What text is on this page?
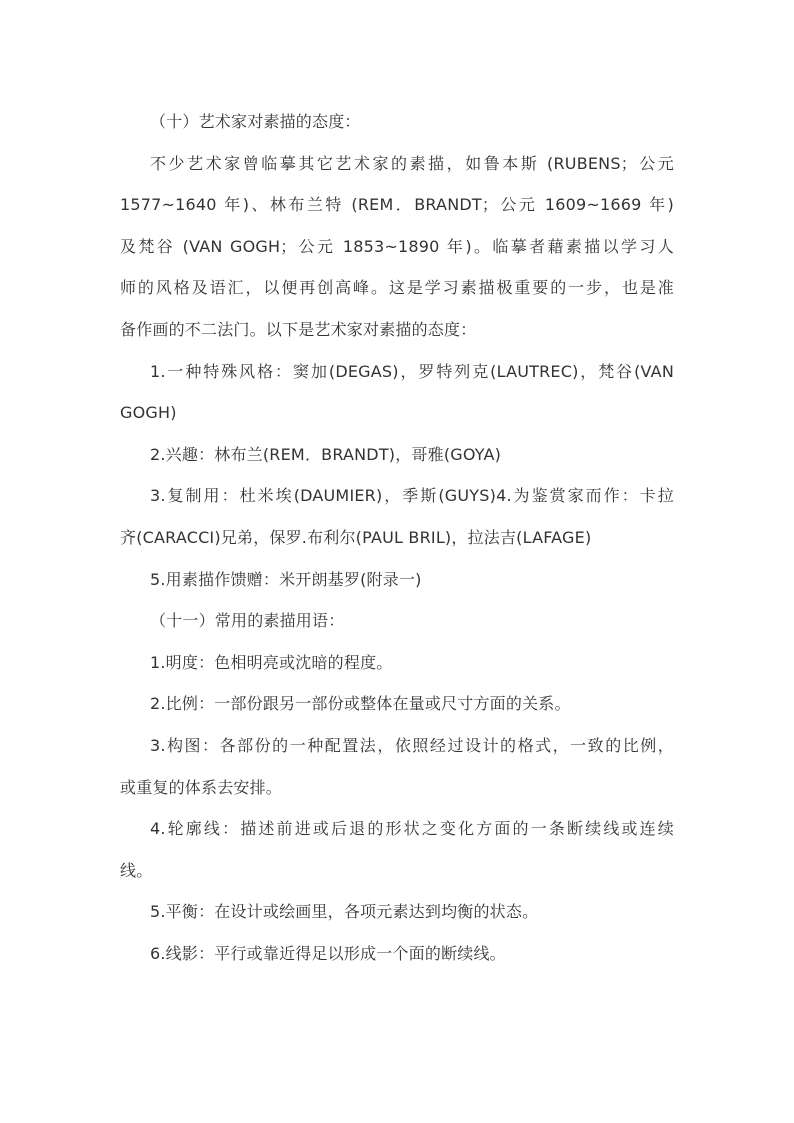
（十）艺术家对素描的态度：
不少艺术家曾临摹其它艺术家的素描，如鲁本斯 (RUBENS；公元
1577~1640 年)、林布兰特 (REM．BRANDT；公元 1609~1669 年)
及梵谷 (VAN GOGH；公元 1853~1890 年)。临摹者藉素描以学习人
师的风格及语汇，以便再创高峰。这是学习素描极重要的一步，也是准
备作画的不二法门。以下是艺术家对素描的态度：
1.一种特殊风格：窦加(DEGAS)，罗特列克(LAUTREC)，梵谷(VAN
GOGH)
2.兴趣：林布兰(REM．BRANDT)，哥雅(GOYA)
3.复制用：杜米埃(DAUMIER)，季斯(GUYS)4.为鉴赏家而作：卡拉
齐(CARACCI)兄弟，保罗.布利尔(PAUL BRIL)，拉法吉(LAFAGE)
5.用素描作馈赠：米开朗基罗(附录一)
（十一）常用的素描用语：
1.明度：色相明亮或沈暗的程度。
2.比例：一部份跟另一部份或整体在量或尺寸方面的关系。
3.构图：各部份的一种配置法，依照经过设计的格式，一致的比例，
或重复的体系去安排。
4.轮廓线：描述前进或后退的形状之变化方面的一条断续线或连续
线。
5.平衡：在设计或绘画里，各项元素达到均衡的状态。
6.线影：平行或靠近得足以形成一个面的断续线。
